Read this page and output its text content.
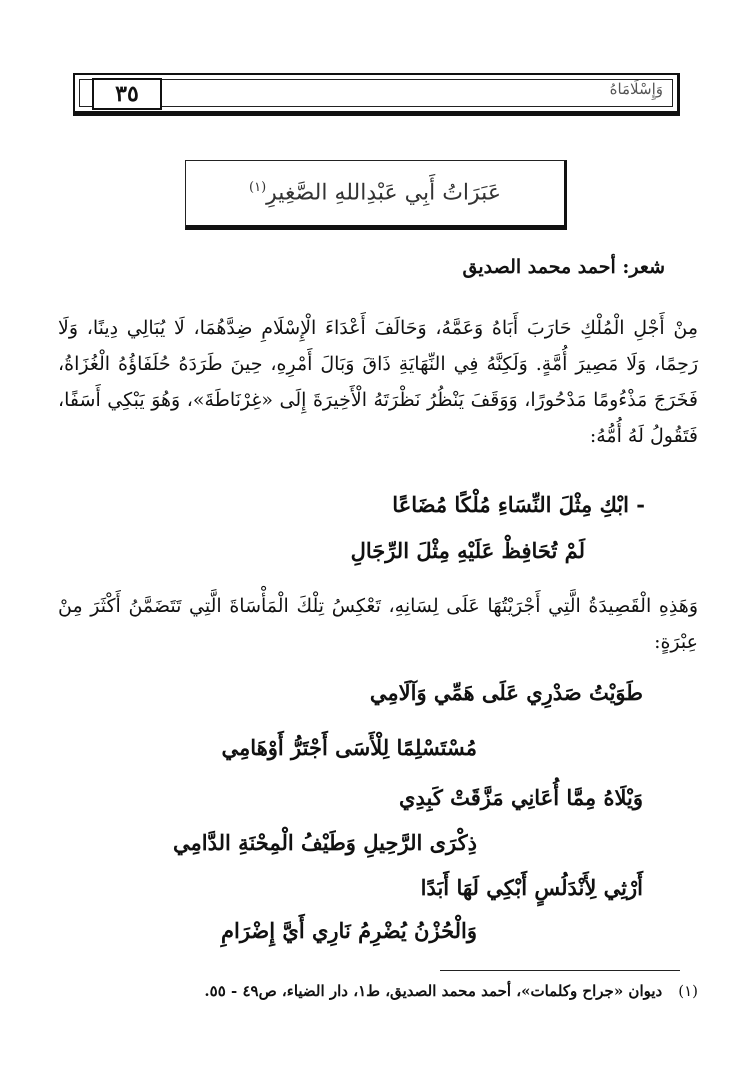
٣٥	وَإِسْلَامَاهُ
عَبَرَاتُ أَبِي عَبْدِاللهِ الصَّغِيرِ$^{(١)}$
شعر: أحمد محمد الصديق
مِنْ أَجْلِ الْمُلْكِ حَارَبَ أَبَاهُ وَعَمَّهُ، وَحَالَفَ أَعْدَاءَ الْإِسْلَامِ ضِدَّهُمَا، لَا يُبَالِي دِينًا، وَلَا رَحِمًا، وَلَا مَصِيرَ أُمَّةٍ. وَلَكِنَّهُ فِي النِّهَايَةِ ذَاقَ وَبَالَ أَمْرِهِ، حِينَ طَرَدَهُ حُلَفَاؤُهُ الْغُزَاةُ، فَخَرَجَ مَذْءُومًا مَدْحُورًا، وَوَقَفَ يَنْظُرُ نَظْرَتَهُ الْأَخِيرَةَ إِلَى «غِرْنَاطَةَ»، وَهُوَ يَبْكِي أَسَفًا، فَتَقُولُ لَهُ أُمُّهُ:
- ابْكِ مِثْلَ النِّسَاءِ مُلْكًا مُضَاعًا
لَمْ تُحَافِظْ عَلَيْهِ مِثْلَ الرِّجَالِ
وَهَذِهِ الْقَصِيدَةُ الَّتِي أَجْرَيْتُهَا عَلَى لِسَانِهِ، تَعْكِسُ تِلْكَ الْمَأْسَاةَ الَّتِي تَتَضَمَّنُ أَكْثَرَ مِنْ عِبْرَةٍ:
طَوَيْتُ صَدْرِي عَلَى هَمِّي وَآلَامِي
مُسْتَسْلِمًا لِلْأَسَى أَجْتَرُّ أَوْهَامِي
وَيْلَاهُ مِمَّا أُعَانِي مَزَّقَتْ كَبِدِي
ذِكْرَى الرَّحِيلِ وَطَيْفُ الْمِحْنَةِ الدَّامِي
أَرْثِي لِأَنْدَلُسٍ أَبْكِي لَهَا أَبَدًا
وَالْحُزْنُ يُضْرِمُ نَارِي أَيَّ إِضْرَامِ
(١)ديوان «جراح وكلمات»، أحمد محمد الصديق، ط١، دار الضياء، ص٤٩ - ٥٥.
